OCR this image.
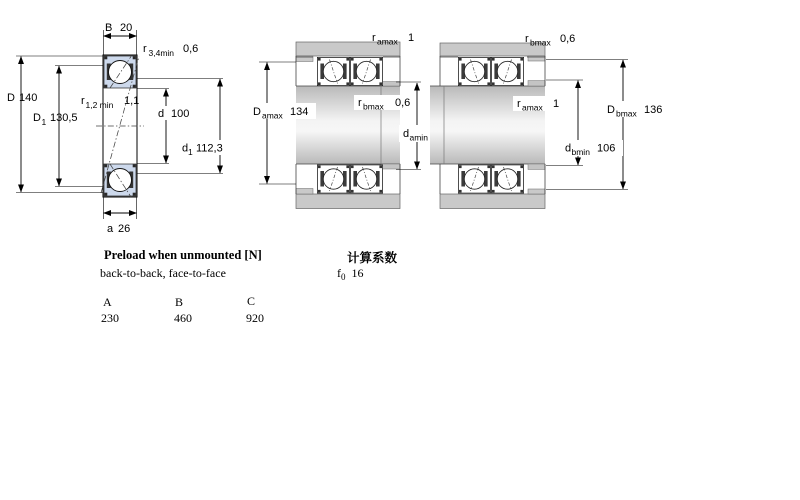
B 20
r 3,4min 0,6
D 140
D 1 130,5
r 1,2 min 1,1
d 100
d 1 112,3
a 26
r amax 1
r bmax 0,6
D amax 134
d amin
r bmax 0,6
r amax 1	D bmax 136
d bmin 106
Preload when unmounted [N]
back-to-back, face-to-face
计算系数
$f_0$ 16
A	B	C
230	460	920
